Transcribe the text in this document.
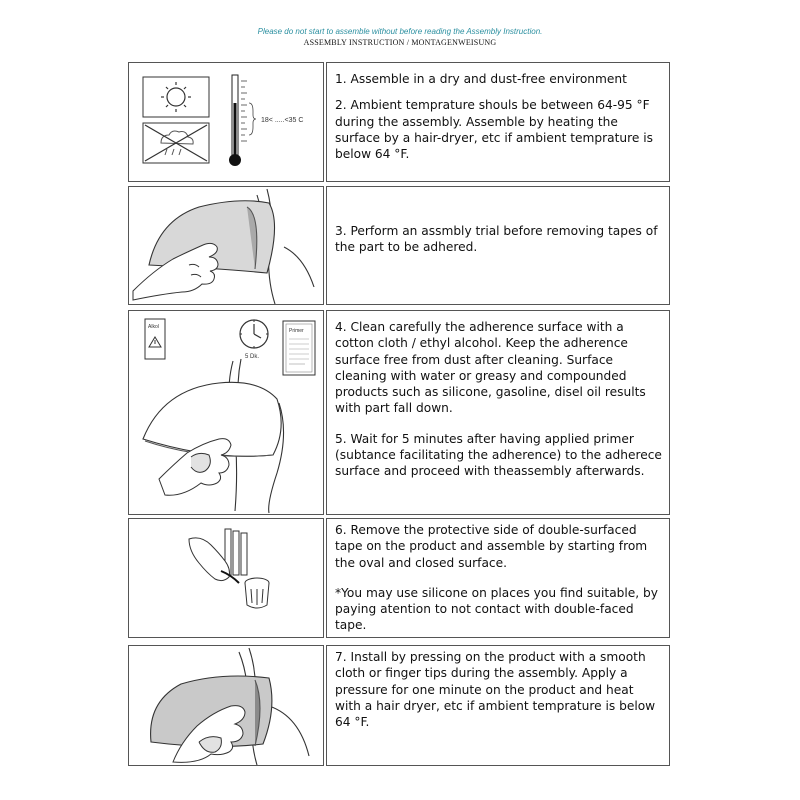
Please do not start to assemble without before reading the Assembly Instruction.
ASSEMBLY INSTRUCTION / MONTAGENWEISUNG
18< .....<35 C

1. Assemble in a dry and dust-free environment

2. Ambient temprature shouls be between 64-95 °F during the assembly. Assemble by heating the surface by a hair-dryer, etc if ambient temprature is below 64 °F.

3. Perform an assmbly trial before removing tapes of the part to be adhered.

Alkol
5 Dk.
Primer	4. Clean carefully the adherence surface with a cotton cloth / ethyl alcohol. Keep the adherence surface free from dust after cleaning. Surface cleaning with water or greasy and compounded products such as silicone, gasoline, disel oil results with part fall down.

5. Wait for 5 minutes after having applied primer (subtance facilitating the adherence) to the adherece surface and proceed with theassembly afterwards.

6. Remove the protective side of double-surfaced tape on the product and assemble by starting from the oval and closed surface.

*You may use silicone on places you find suitable, by paying atention to not contact with double-faced tape.

7. Install by pressing on the product with a smooth cloth or finger tips during the assembly. Apply a pressure for one minute on the product and heat with a hair dryer, etc if ambient temprature is below 64 °F.
